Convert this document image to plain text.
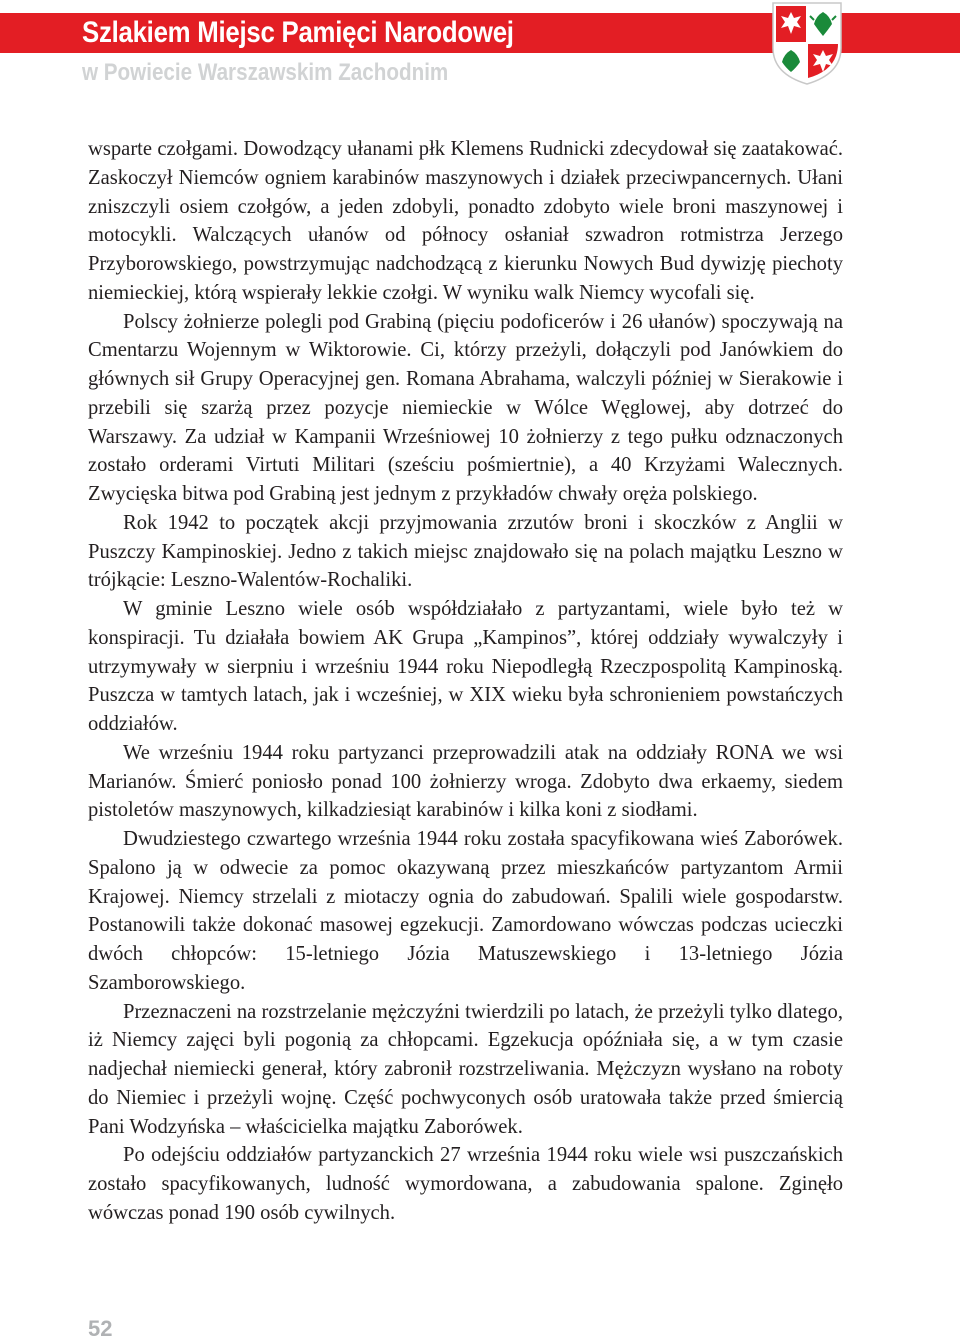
Szlakiem Miejsc Pamięci Narodowej
w Powiecie Warszawskim Zachodnim

wsparte czołgami. Dowodzący ułanami płk Klemens Rudnicki zdecydował się zaatakować. Zaskoczył Niemców ogniem karabinów maszynowych i działek przeciwpancernych. Ułani zniszczyli osiem czołgów, a jeden zdobyli, ponadto zdobyto wiele broni maszynowej i motocykli. Walczących ułanów od północy osłaniał szwadron rotmistrza Jerzego Przyborowskiego, powstrzymując nadchodzącą z kierunku Nowych Bud dywizję piechoty niemieckiej, którą wspierały lekkie czołgi. W wyniku walk Niemcy wycofali się.

Polscy żołnierze polegli pod Grabiną (pięciu podoficerów i 26 ułanów) spoczywają na Cmentarzu Wojennym w Wiktorowie. Ci, którzy przeżyli, dołączyli pod Janówkiem do głównych sił Grupy Operacyjnej gen. Romana Abrahama, walczyli później w Sierakowie i przebili się szarżą przez pozycje niemieckie w Wólce Węglowej, aby dotrzeć do Warszawy. Za udział w Kampanii Wrześniowej 10 żołnierzy z tego pułku odznaczonych zostało orderami Virtuti Militari (sześciu pośmiertnie), a 40 Krzyżami Walecznych. Zwycięska bitwa pod Grabiną jest jednym z przykładów chwały oręża polskiego.

Rok 1942 to początek akcji przyjmowania zrzutów broni i skoczków z Anglii w Puszczy Kampinoskiej. Jedno z takich miejsc znajdowało się na polach majątku Leszno w trójkącie: Leszno-Walentów-Rochaliki.

W gminie Leszno wiele osób współdziałało z partyzantami, wiele było też w konspiracji. Tu działała bowiem AK Grupa „Kampinos”, której oddziały wywalczyły i utrzymywały w sierpniu i wrześniu 1944 roku Niepodległą Rzeczpospolitą Kampinoską. Puszcza w tamtych latach, jak i wcześniej, w XIX wieku była schronieniem powstańczych oddziałów.

We wrześniu 1944 roku partyzanci przeprowadzili atak na oddziały RONA we wsi Marianów. Śmierć poniosło ponad 100 żołnierzy wroga. Zdobyto dwa erkaemy, siedem pistoletów maszynowych, kilkadziesiąt karabinów i kilka koni z siodłami.

Dwudziestego czwartego września 1944 roku została spacyfikowana wieś Zaborówek. Spalono ją w odwecie za pomoc okazywaną przez mieszkańców partyzantom Armii Krajowej. Niemcy strzelali z miotaczy ognia do zabudowań. Spalili wiele gospodarstw. Postanowili także dokonać masowej egzekucji. Zamordowano wówczas podczas ucieczki dwóch chłopców: 15-letniego Józia Matuszewskiego i 13-letniego Józia Szamborowskiego.

Przeznaczeni na rozstrzelanie mężczyźni twierdzili po latach, że przeżyli tylko dlatego, iż Niemcy zajęci byli pogonią za chłopcami. Egzekucja opóźniała się, a w tym czasie nadjechał niemiecki generał, który zabronił rozstrzeliwania. Mężczyzn wysłano na roboty do Niemiec i przeżyli wojnę. Część pochwyconych osób uratowała także przed śmiercią Pani Wodzyńska – właścicielka majątku Zaborówek.

Po odejściu oddziałów partyzanckich 27 września 1944 roku wiele wsi puszczańskich zostało spacyfikowanych, ludność wymordowana, a zabudowania spalone. Zginęło wówczas ponad 190 osób cywilnych.

52
